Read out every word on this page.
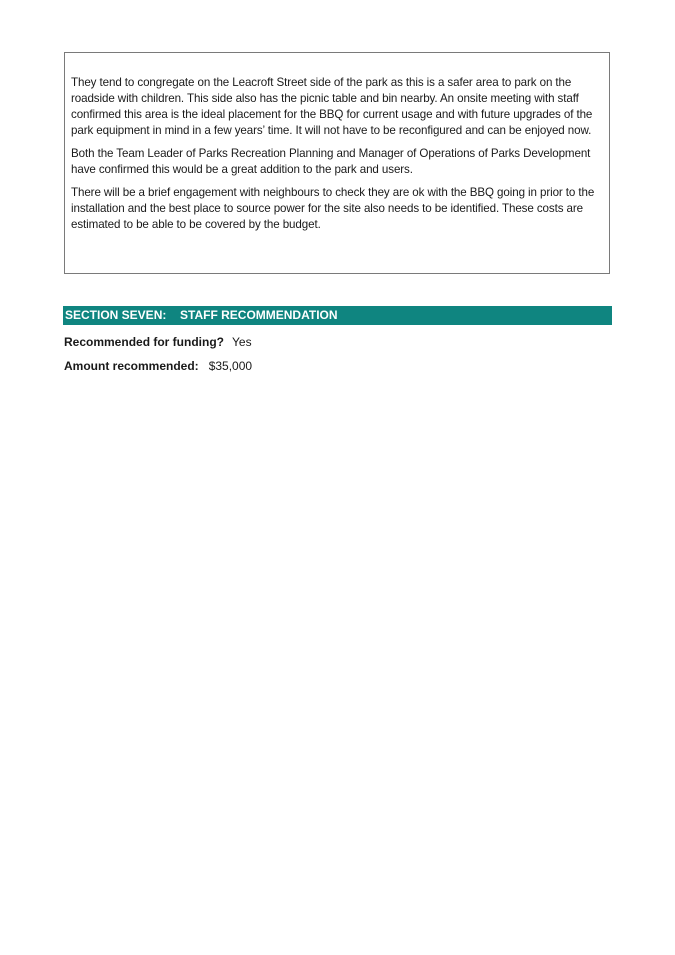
They tend to congregate on the Leacroft Street side of the park as this is a safer area to park on the roadside with children. This side also has the picnic table and bin nearby. An onsite meeting with staff confirmed this area is the ideal placement for the BBQ for current usage and with future upgrades of the park equipment in mind in a few years’ time. It will not have to be reconfigured and can be enjoyed now.

Both the Team Leader of Parks Recreation Planning and Manager of Operations of Parks Development have confirmed this would be a great addition to the park and users.

There will be a brief engagement with neighbours to check they are ok with the BBQ going in prior to the installation and the best place to source power for the site also needs to be identified. These costs are estimated to be able to be covered by the budget.

SECTION SEVEN: STAFF RECOMMENDATION
Recommended for funding? Yes
Amount recommended: $35,000
